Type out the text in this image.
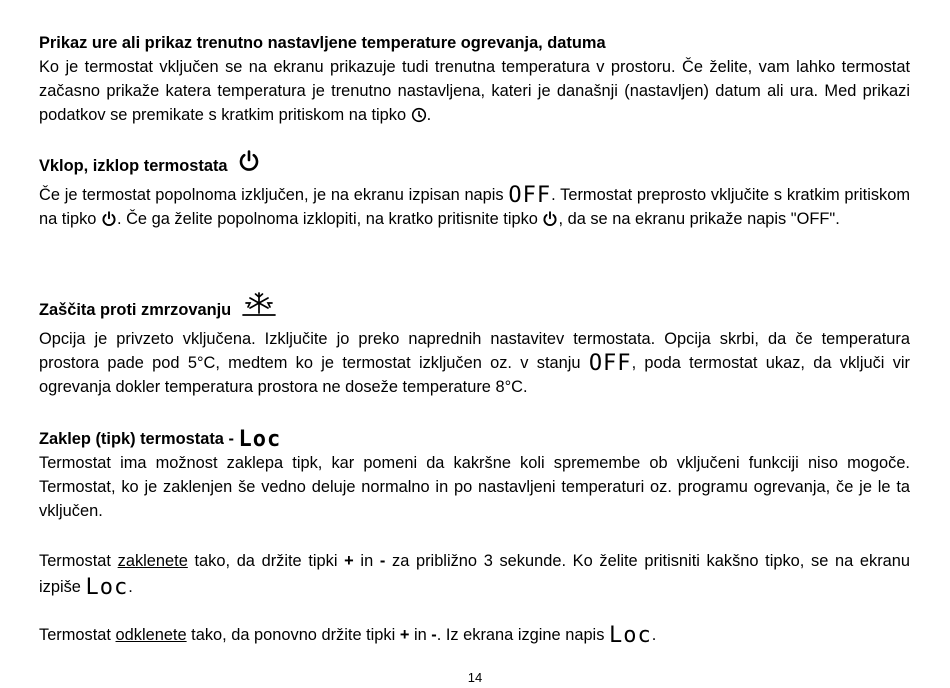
Prikaz ure ali prikaz trenutno nastavljene temperature ogrevanja, datuma

Ko je termostat vključen se na ekranu prikazuje tudi trenutna temperatura v prostoru. Če želite, vam lahko termostat začasno prikaže katera temperatura je trenutno nastavljena, kateri je današnji (nastavljen) datum ali ura. Med prikazi podatkov se premikate s kratkim pritiskom na tipko .

Vklop, izklop termostata

Če je termostat popolnoma izključen, je na ekranu izpisan napis OFF. Termostat preprosto vključite s kratkim pritiskom na tipko . Če ga želite popolnoma izklopiti, na kratko pritisnite tipko , da se na ekranu prikaže napis "OFF".

Zaščita proti zmrzovanju

Opcija je privzeto vključena. Izključite jo preko naprednih nastavitev termostata. Opcija skrbi, da če temperatura prostora pade pod 5°C, medtem ko je termostat izključen oz. v stanju OFF, poda termostat ukaz, da vključi vir ogrevanja dokler temperatura prostora ne doseže temperature 8°C.

Zaklep (tipk) termostata - Loc

Termostat ima možnost zaklepa tipk, kar pomeni da kakršne koli spremembe ob vključeni funkciji niso mogoče. Termostat, ko je zaklenjen še vedno deluje normalno in po nastavljeni temperaturi oz. programu ogrevanja, če je le ta vključen.

Termostat zaklenete tako, da držite tipki + in - za približno 3 sekunde. Ko želite pritisniti kakšno tipko, se na ekranu izpiše Loc.

Termostat odklenete tako, da ponovno držite tipki + in -. Iz ekrana izgine napis Loc.

14
